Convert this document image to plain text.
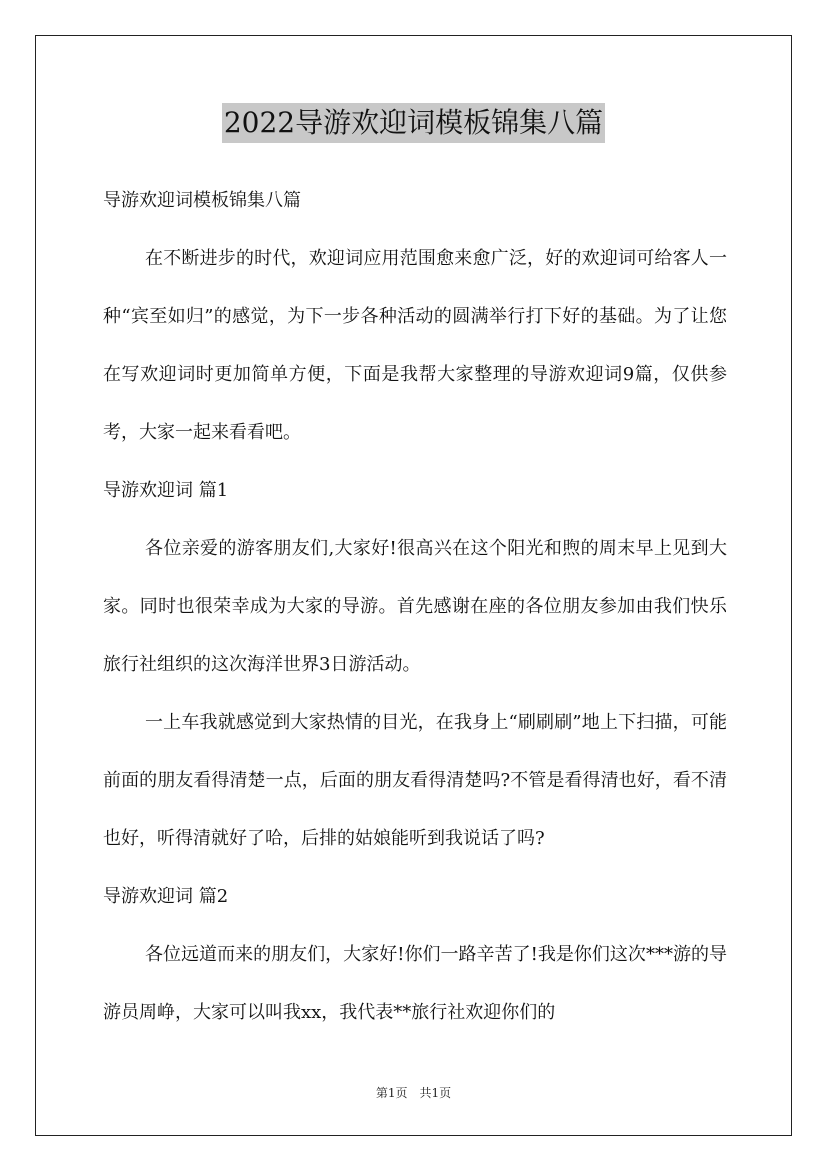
2022导游欢迎词模板锦集八篇
导游欢迎词模板锦集八篇

在不断进步的时代，欢迎词应用范围愈来愈广泛，好的欢迎词可给客人一种“宾至如归”的感觉，为下一步各种活动的圆满举行打下好的基础。为了让您在写欢迎词时更加简单方便，下面是我帮大家整理的导游欢迎词9篇，仅供参考，大家一起来看看吧。

导游欢迎词 篇1

各位亲爱的游客朋友们,大家好!很高兴在这个阳光和煦的周末早上见到大家。同时也很荣幸成为大家的导游。首先感谢在座的各位朋友参加由我们快乐旅行社组织的这次海洋世界3日游活动。

一上车我就感觉到大家热情的目光，在我身上“刷刷刷”地上下扫描，可能前面的朋友看得清楚一点，后面的朋友看得清楚吗?不管是看得清也好，看不清也好，听得清就好了哈，后排的姑娘能听到我说话了吗?

导游欢迎词 篇2

各位远道而来的朋友们，大家好!你们一路辛苦了!我是你们这次***游的导游员周峥，大家可以叫我xx，我代表**旅行社欢迎你们的

第1页　共1页
